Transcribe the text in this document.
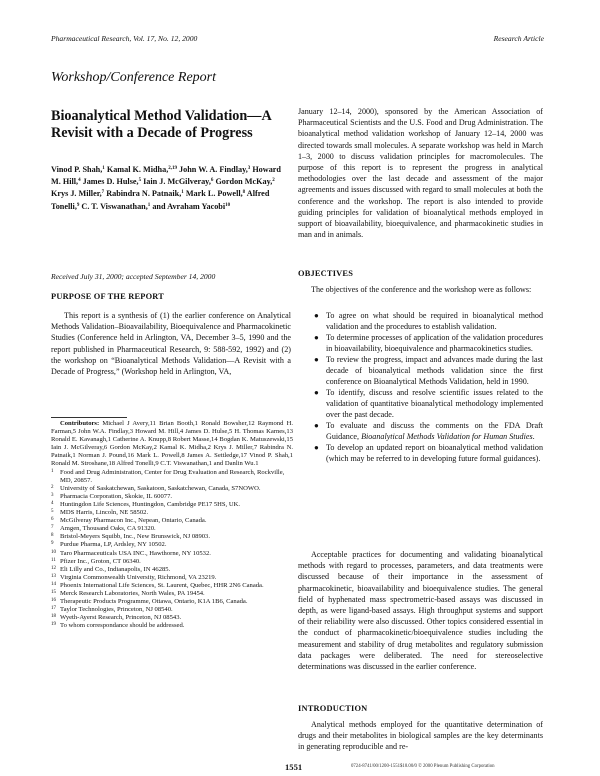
Pharmaceutical Research, Vol. 17, No. 12, 2000	Research Article
Workshop/Conference Report
Bioanalytical Method Validation—A Revisit with a Decade of Progress
Vinod P. Shah,$^1$ Kamal K. Midha,$^{2,19}$ John W. A. Findlay,$^3$ Howard M. Hill,$^4$ James D. Hulse,$^5$ Iain J. McGilveray,$^6$ Gordon McKay,$^2$ Krys J. Miller,$^7$ Rabindra N. Patnaik,$^1$ Mark L. Powell,$^8$ Alfred Tonelli,$^9$ C. T. Viswanathan,$^1$ and Avraham Yacobi$^{10}$
Received July 31, 2000; accepted September 14, 2000
PURPOSE OF THE REPORT
This report is a synthesis of (1) the earlier conference on Analytical Methods Validation–Bioavailability, Bioequivalence and Pharmacokinetic Studies (Conference held in Arlington, VA, December 3–5, 1990 and the report published in Pharmaceutical Research, 9: 588-592, 1992) and (2) the workshop on “Bioanalytical Methods Validation—A Revisit with a Decade of Progress,” (Workshop held in Arlington, VA,
Contributors: Michael J Avery,11 Brian Booth,1 Ronald Bowsher,12 Raymond H. Farman,5 John W.A. Findlay,3 Howard M. Hill,4 James D. Hulse,5 H. Thomas Karnes,13 Ronald E. Kavanagh,1 Catherine A. Knupp,8 Robert Masse,14 Bogdan K. Matuszewski,15 Iain J. McGilveray,6 Gordon McKay,2 Kamal K. Midha,2 Krys J. Miller,7 Rabindra N. Patnaik,1 Norman J. Pound,16 Mark L. Powell,8 James A. Settledge,17 Vinod P. Shah,1 Ronald M. Stroshane,18 Alfred Tonelli,9 C.T. Viswanathan,1 and Danlin Wu.1
1 Food and Drug Administration, Center for Drug Evaluation and Research, Rockville, MD, 20857.
2 University of Saskatchewan, Saskatoon, Saskatchewan, Canada, S7NOWO.
3 Pharmacia Corporation, Skokie, IL 60077.
4 Huntingdon Life Sciences, Huntingdon, Cambridge PE17 5HS, UK.
5 MDS Harris, Lincoln, NE 58502.
6 McGilveray Pharmacon Inc., Nepean, Ontario, Canada.
7 Amgen, Thousand Oaks, CA 91320.
8 Bristol-Meyers Squibb, Inc., New Brunswick, NJ 08903.
9 Purdue Pharma, LP, Ardsley, NY 10502.
10 Taro Pharmaceuticals USA INC., Hawthorne, NY 10532.
11 Pfizer Inc., Groton, CT 06340.
12 Eli Lilly and Co., Indianapolis, IN 46285.
13 Virginia Commonwealth University, Richmond, VA 23219.
14 Phoenix International Life Sciences, St. Laurent, Quebec, HHR 2N6 Canada.
15 Merck Research Laboratories, North Wales, PA 19454.
16 Therapeutic Products Programme, Ottawa, Ontario, K1A 1B6, Canada.
17 Taylor Technologies, Princeton, NJ 08540.
18 Wyeth-Ayerst Research, Princeton, NJ 08543.
19 To whom correspondance should be addressed.
January 12–14, 2000), sponsored by the American Association of Pharmaceutical Scientists and the U.S. Food and Drug Administration. The bioanalytical method validation workshop of January 12–14, 2000 was directed towards small molecules. A separate workshop was held in March 1–3, 2000 to discuss validation principles for macromolecules. The purpose of this report is to represent the progress in analytical methodologies over the last decade and assessment of the major agreements and issues discussed with regard to small molecules at both the conference and the workshop. The report is also intended to provide guiding principles for validation of bioanalytical methods employed in support of bioavailability, bioequivalence, and pharmacokinetic studies in man and in animals.
OBJECTIVES
The objectives of the conference and the workshop were as follows:
● To agree on what should be required in bioanalytical method validation and the procedures to establish validation.
● To determine processes of application of the validation procedures in bioavailability, bioequivalence and pharmacokinetics studies.
● To review the progress, impact and advances made during the last decade of bioanalytical methods validation since the first conference on Bioanalytical Methods Validation, held in 1990.
● To identify, discuss and resolve scientific issues related to the validation of quantitative bioanalytical methodology implemented over the past decade.
● To evaluate and discuss the comments on the FDA Draft Guidance, Bioanalytical Methods Validation for Human Studies.
● To develop an updated report on bioanalytical method validation (which may be referred to in developing future formal guidances).
Acceptable practices for documenting and validating bioanalytical methods with regard to processes, parameters, and data treatments were discussed because of their importance in the assessment of pharmacokinetic, bioavailability and bioequivalence studies. The general field of hyphenated mass spectrometric-based assays was discussed in depth, as were ligand-based assays. High throughput systems and support of their reliability were also discussed. Other topics considered essential in the conduct of pharmacokinetic/bioequivalence studies including the measurement and stability of drug metabolites and regulatory submission data packages were deliberated. The need for stereoselective determinations was discussed in the earlier conference.
INTRODUCTION
Analytical methods employed for the quantitative determination of drugs and their metabolites in biological samples are the key determinants in generating reproducible and re-
1551	0724-8741/00/1200-1551$18.00/0 © 2000 Plenum Publishing Corporation
